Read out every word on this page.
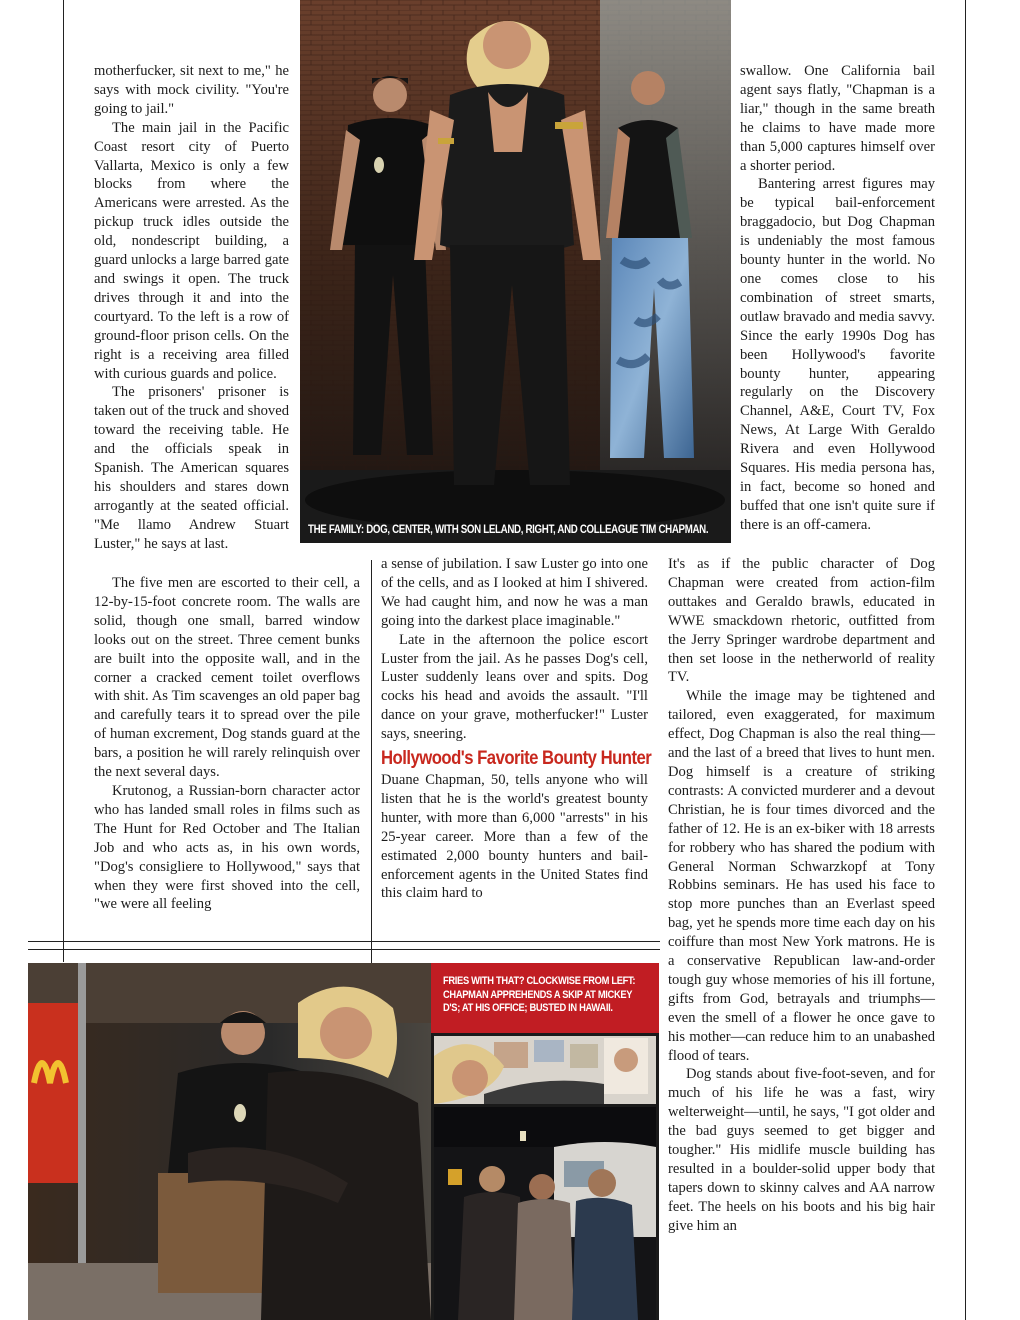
THE FAMILY: DOG, CENTER, WITH SON LELAND, RIGHT, AND COLLEAGUE TIM CHAPMAN.

motherfucker, sit next to me," he says with mock civility. "You're going to jail."

The main jail in the Pacific Coast resort city of Puerto Vallarta, Mexico is only a few blocks from where the Americans were arrested. As the pickup truck idles outside the old, nondescript building, a guard unlocks a large barred gate and swings it open. The truck drives through it and into the courtyard. To the left is a row of ground-floor prison cells. On the right is a receiving area filled with curious guards and police.

The prisoners' prisoner is taken out of the truck and shoved toward the receiving table. He and the officials speak in Spanish. The American squares his shoulders and stares down arrogantly at the seated official. "Me llamo Andrew Stuart Luster," he says at last.

The five men are escorted to their cell, a 12-by-15-foot concrete room. The walls are solid, though one small, barred window looks out on the street. Three cement bunks are built into the opposite wall, and in the corner a cracked cement toilet overflows with shit. As Tim scavenges an old paper bag and carefully tears it to spread over the pile of human excrement, Dog stands guard at the bars, a position he will rarely relinquish over the next several days.

Krutonog, a Russian-born character actor who has landed small roles in films such as The Hunt for Red October and The Italian Job and who acts as, in his own words, "Dog's consigliere to Hollywood," says that when they were first shoved into the cell, "we were all feeling

a sense of jubilation. I saw Luster go into one of the cells, and as I looked at him I shivered. We had caught him, and now he was a man going into the darkest place imaginable."

Late in the afternoon the police escort Luster from the jail. As he passes Dog's cell, Luster suddenly leans over and spits. Dog cocks his head and avoids the assault. "I'll dance on your grave, motherfucker!" Luster says, sneering.

Hollywood's Favorite Bounty Hunter

Duane Chapman, 50, tells anyone who will listen that he is the world's greatest bounty hunter, with more than 6,000 "arrests" in his 25-year career. More than a few of the estimated 2,000 bounty hunters and bail-enforcement agents in the United States find this claim hard to

swallow. One California bail agent says flatly, "Chapman is a liar," though in the same breath he claims to have made more than 5,000 captures himself over a shorter period.

Bantering arrest figures may be typical bail-enforcement braggadocio, but Dog Chapman is undeniably the most famous bounty hunter in the world. No one comes close to his combination of street smarts, outlaw bravado and media savvy. Since the early 1990s Dog has been Hollywood's favorite bounty hunter, appearing regularly on the Discovery Channel, A&E, Court TV, Fox News, At Large With Geraldo Rivera and even Hollywood Squares. His media persona has, in fact, become so honed and buffed that one isn't quite sure if there is an off-camera.

It's as if the public character of Dog Chapman were created from action-film outtakes and Geraldo brawls, educated in WWE smackdown rhetoric, outfitted from the Jerry Springer wardrobe department and then set loose in the netherworld of reality TV.

While the image may be tightened and tailored, even exaggerated, for maximum effect, Dog Chapman is also the real thing—and the last of a breed that lives to hunt men. Dog himself is a creature of striking contrasts: A convicted murderer and a devout Christian, he is four times divorced and the father of 12. He is an ex-biker with 18 arrests for robbery who has shared the podium with General Norman Schwarzkopf at Tony Robbins seminars. He has used his face to stop more punches than an Everlast speed bag, yet he spends more time each day on his coiffure than most New York matrons. He is a conservative Republican law-and-order tough guy whose memories of his ill fortune, gifts from God, betrayals and triumphs—even the smell of a flower he once gave to his mother—can reduce him to an unabashed flood of tears.

Dog stands about five-foot-seven, and for much of his life he was a fast, wiry welterweight—until, he says, "I got older and the bad guys seemed to get bigger and tougher." His midlife muscle building has resulted in a boulder-solid upper body that tapers down to skinny calves and AA narrow feet. The heels on his boots and his big hair give him an

FRIES WITH THAT? CLOCKWISE FROM LEFT: CHAPMAN APPREHENDS A SKIP AT MICKEY D'S; AT HIS OFFICE; BUSTED IN HAWAII.
